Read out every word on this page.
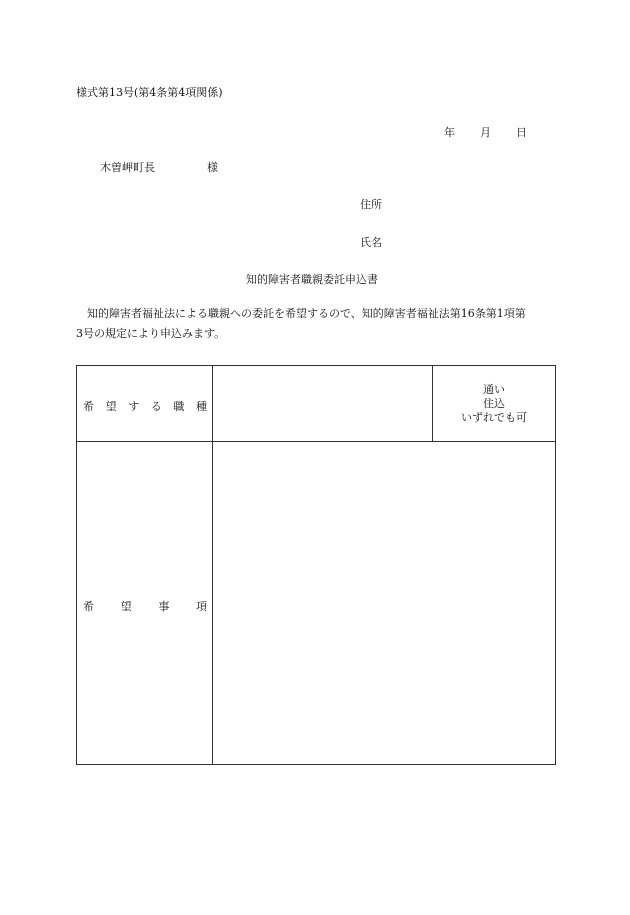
様式第13号(第4条第4項関係)
年 月 日
木曽岬町長	様
住所
氏名
知的障害者職親委託申込書
知的障害者福祉法による職親への委託を希望するので、知的障害者福祉法第16条第1項第
3号の規定により申込みます。
希 望 す る 職 種
通い
住込
いずれでも可
希 望 事 項
